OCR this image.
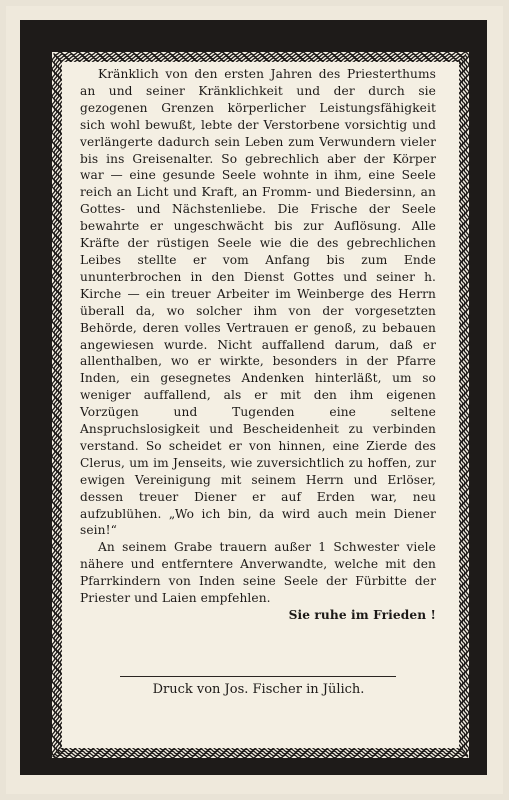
Kränklich von den ersten Jahren des Priesterthums an und seiner Kränklichkeit und der durch sie gezogenen Grenzen körperlicher Leistungsfähigkeit sich wohl bewußt, lebte der Verstorbene vorsichtig und verlängerte dadurch sein Leben zum Verwundern vieler bis ins Greisenalter. So gebrechlich aber der Körper war — eine gesunde Seele wohnte in ihm, eine Seele reich an Licht und Kraft, an Fromm- und Biedersinn, an Gottes- und Nächstenliebe. Die Frische der Seele bewahrte er ungeschwächt bis zur Auflösung. Alle Kräfte der rüstigen Seele wie die des gebrechlichen Leibes stellte er vom Anfang bis zum Ende ununterbrochen in den Dienst Gottes und seiner h. Kirche — ein treuer Arbeiter im Weinberge des Herrn überall da, wo solcher ihm von der vorgesetzten Behörde, deren volles Vertrauen er genoß, zu bebauen angewiesen wurde. Nicht auffallend darum, daß er allenthalben, wo er wirkte, besonders in der Pfarre Inden, ein gesegnetes Andenken hinterläßt, um so weniger auffallend, als er mit den ihm eigenen Vorzügen und Tugenden eine seltene Anspruchslosigkeit und Bescheidenheit zu verbinden verstand. So scheidet er von hinnen, eine Zierde des Clerus, um im Jenseits, wie zuversichtlich zu hoffen, zur ewigen Vereinigung mit seinem Herrn und Erlöser, dessen treuer Diener er auf Erden war, neu aufzublühen. „Wo ich bin, da wird auch mein Diener sein!“

An seinem Grabe trauern außer 1 Schwester viele nähere und entferntere Anverwandte, welche mit den Pfarrkindern von Inden seine Seele der Fürbitte der Priester und Laien empfehlen.
Sie ruhe im Frieden !

Druck von Jos. Fischer in Jülich.
